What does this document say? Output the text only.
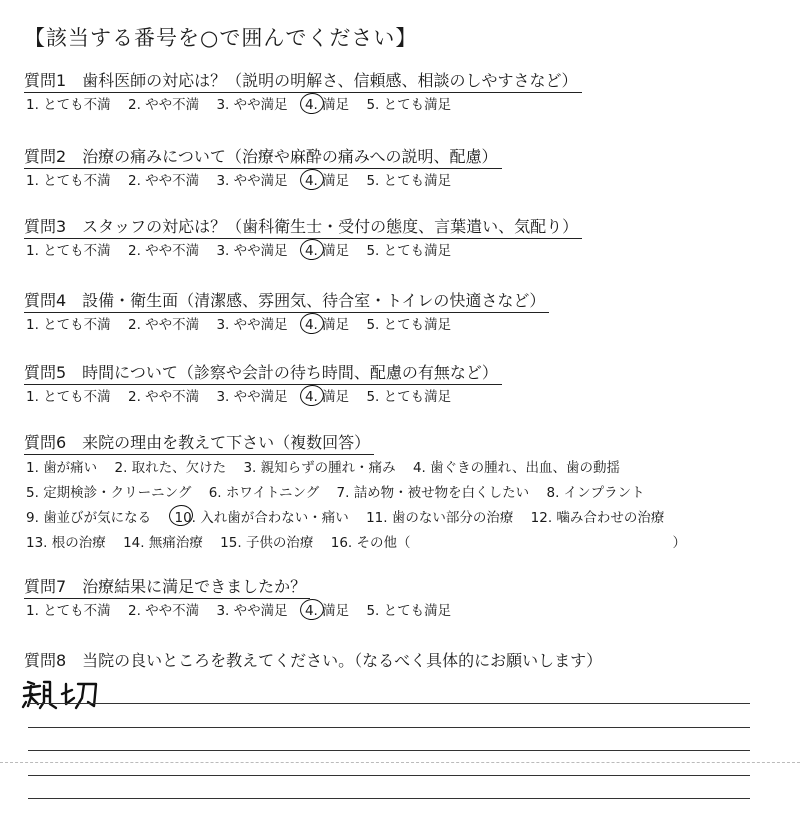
【該当する番号を○で囲んでください】
質問1　歯科医師の対応は？（説明の明解さ、信頼感、相談のしやすさなど）
1. とても不満 2. やや不満 3. やや満足 4. 満足 5. とても満足
質問2　治療の痛みについて（治療や麻酔の痛みへの説明、配慮）
1. とても不満 2. やや不満 3. やや満足 4. 満足 5. とても満足
質問3　スタッフの対応は？（歯科衛生士・受付の態度、言葉遣い、気配り）
1. とても不満 2. やや不満 3. やや満足 4. 満足 5. とても満足
質問4　設備・衛生面（清潔感、雰囲気、待合室・トイレの快適さなど）
1. とても不満 2. やや不満 3. やや満足 4. 満足 5. とても満足
質問5　時間について（診察や会計の待ち時間、配慮の有無など）
1. とても不満 2. やや不満 3. やや満足 4. 満足 5. とても満足
質問6　来院の理由を教えて下さい（複数回答）
1. 歯が痛い 2. 取れた、欠けた 3. 親知らずの腫れ・痛み 4. 歯ぐきの腫れ、出血、歯の動揺
5. 定期検診・クリーニング 6. ホワイトニング 7. 詰め物・被せ物を白くしたい 8. インプラント
9. 歯並びが気になる 10. 入れ歯が合わない・痛い 11. 歯のない部分の治療 12. 噛み合わせの治療
13. 根の治療 14. 無痛治療 15. 子供の治療 16. その他（	）
質問7　治療結果に満足できましたか？
1. とても不満 2. やや不満 3. やや満足 4. 満足 5. とても満足
質問8　当院の良いところを教えてください。（なるべく具体的にお願いします）
